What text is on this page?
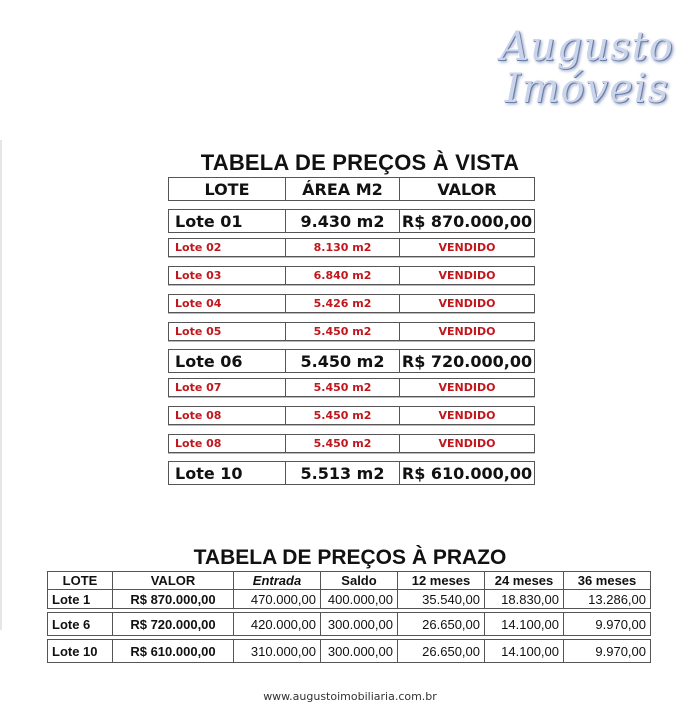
Augusto
Imóveis
TABELA DE PREÇOS À VISTA
LOTE	ÁREA M2	VALOR
Lote 01	9.430 m2	R$ 870.000,00
Lote 02	8.130 m2	VENDIDO
Lote 03	6.840 m2	VENDIDO
Lote 04	5.426 m2	VENDIDO
Lote 05	5.450 m2	VENDIDO
Lote 06	5.450 m2	R$ 720.000,00
Lote 07	5.450 m2	VENDIDO
Lote 08	5.450 m2	VENDIDO
Lote 08	5.450 m2	VENDIDO
Lote 10	5.513 m2	R$ 610.000,00
TABELA DE PREÇOS À PRAZO
LOTE	VALOR	Entrada	Saldo	12 meses	24 meses	36 meses
Lote 1	R$ 870.000,00	470.000,00	400.000,00	35.540,00	18.830,00	13.286,00

Lote 6	R$ 720.000,00	420.000,00	300.000,00	26.650,00	14.100,00	9.970,00

Lote 10	R$ 610.000,00	310.000,00	300.000,00	26.650,00	14.100,00	9.970,00
www.augustoimobiliaria.com.br
